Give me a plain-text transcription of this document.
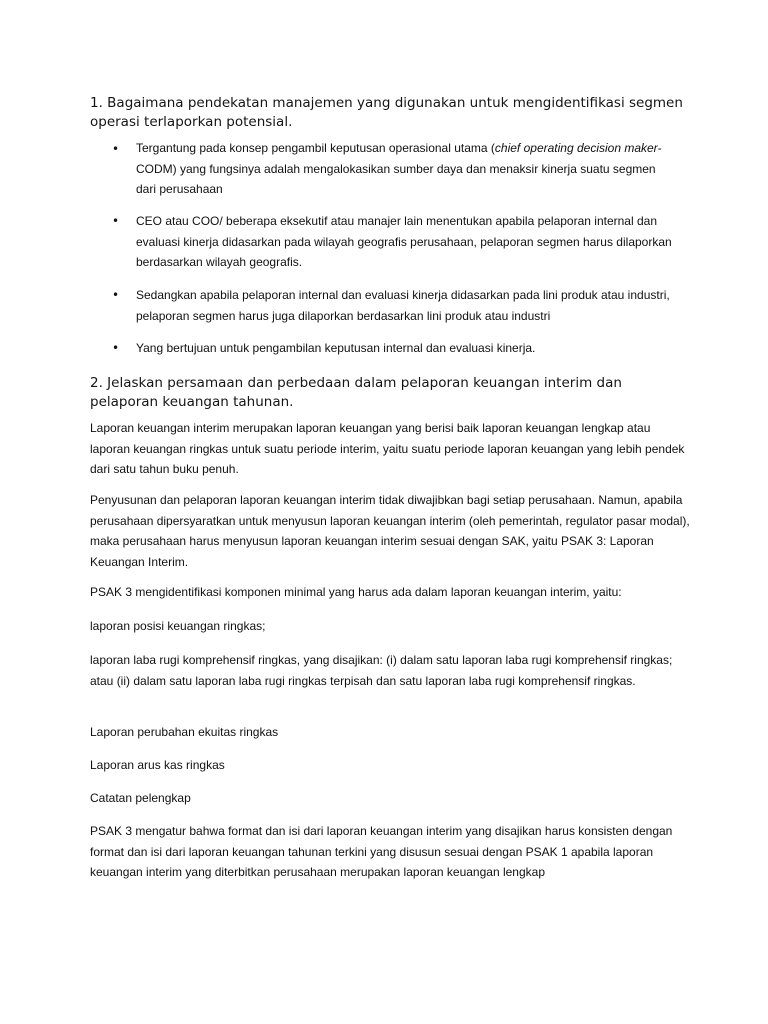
1. Bagaimana pendekatan manajemen yang digunakan untuk mengidentifikasi segmen operasi terlaporkan potensial.
• Tergantung pada konsep pengambil keputusan operasional utama (chief operating decision maker-CODM) yang fungsinya adalah mengalokasikan sumber daya dan menaksir kinerja suatu segmen dari perusahaan

• CEO atau COO/ beberapa eksekutif atau manajer lain menentukan apabila pelaporan internal dan evaluasi kinerja didasarkan pada wilayah geografis perusahaan, pelaporan segmen harus dilaporkan berdasarkan wilayah geografis.

• Sedangkan apabila pelaporan internal dan evaluasi kinerja didasarkan pada lini produk atau industri, pelaporan segmen harus juga dilaporkan berdasarkan lini produk atau industri

• Yang bertujuan untuk pengambilan keputusan internal dan evaluasi kinerja.

2. Jelaskan persamaan dan perbedaan dalam pelaporan keuangan interim dan pelaporan keuangan tahunan.

Laporan keuangan interim merupakan laporan keuangan yang berisi baik laporan keuangan lengkap atau laporan keuangan ringkas untuk suatu periode interim, yaitu suatu periode laporan keuangan yang lebih pendek dari satu tahun buku penuh.

Penyusunan dan pelaporan laporan keuangan interim tidak diwajibkan bagi setiap perusahaan. Namun, apabila perusahaan dipersyaratkan untuk menyusun laporan keuangan interim (oleh pemerintah, regulator pasar modal), maka perusahaan harus menyusun laporan keuangan interim sesuai dengan SAK, yaitu PSAK 3: Laporan Keuangan Interim.

PSAK 3 mengidentifikasi komponen minimal yang harus ada dalam laporan keuangan interim, yaitu:

laporan posisi keuangan ringkas;

laporan laba rugi komprehensif ringkas, yang disajikan: (i) dalam satu laporan laba rugi komprehensif ringkas; atau (ii) dalam satu laporan laba rugi ringkas terpisah dan satu laporan laba rugi komprehensif ringkas.

Laporan perubahan ekuitas ringkas

Laporan arus kas ringkas

Catatan pelengkap

PSAK 3 mengatur bahwa format dan isi dari laporan keuangan interim yang disajikan harus konsisten dengan format dan isi dari laporan keuangan tahunan terkini yang disusun sesuai dengan PSAK 1 apabila laporan keuangan interim yang diterbitkan perusahaan merupakan laporan keuangan lengkap
